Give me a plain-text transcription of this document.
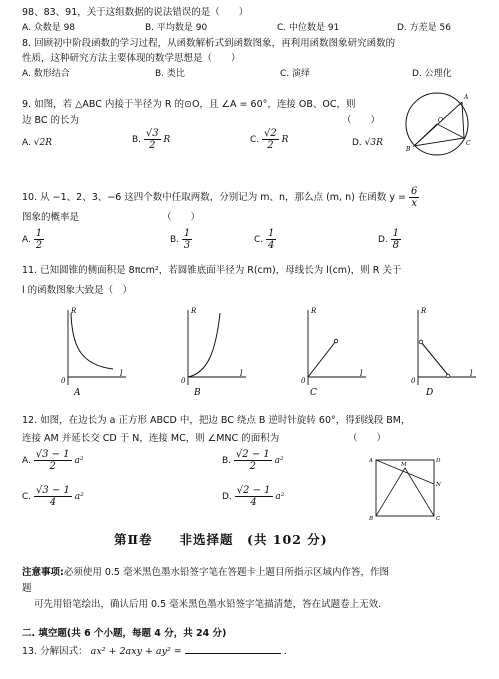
98、83、91，关于这组数据的说法错误的是（　　）
A. 众数是 98	B. 平均数是 90	C. 中位数是 91	D. 方差是 56
8. 回顾初中阶段函数的学习过程，从函数解析式到函数图象，再利用函数图象研究函数的
性质，这种研究方法主要体现的数学思想是（　　）
A. 数形结合	B. 类比	C. 演绎	D. 公理化
9. 如图，若 △ABC 内接于半径为 R 的⊙O，且 ∠A = 60°，连接 OB、OC，则
边 BC 的长为	（　　）
A. √2R	B. $\frac{√3}{2}$ R	C. $\frac{√2}{2}$ R	D. √3R
A
B
C
O
10. 从 −1、2、3、−6 这四个数中任取两数，分别记为 m、n，那么点 (m, n) 在函数 $y = \frac{6}{x}$
图象的概率是	（　　）
A. $\frac{1}{2}$	B. $\frac{1}{3}$	C. $\frac{1}{4}$	D. $\frac{1}{8}$
11. 已知圆锥的侧面积是 8πcm²，若圆锥底面半径为 R(cm)，母线长为 l(cm)，则 R 关于
l 的函数图象大致是（　）
R
l
0
A
R
l
0
B
R
l
0
C
R
l
0
D
12. 如图，在边长为 a 正方形 ABCD 中，把边 BC 绕点 B 逆时针旋转 60°，得到线段 BM，
连接 AM 并延长交 CD 于 N，连接 MC，则 ∠MNC 的面积为	（　　）
A. $\frac{√3 - 1}{2} a^2$	B. $\frac{√2 - 1}{2} a^2$
C. $\frac{√3 - 1}{4} a^2$	D. $\frac{√2 - 1}{4} a^2$
A
B	C
D
M
N
第Ⅱ卷　　非选择题　(共 102 分)
注意事项:必须使用 0.5 毫米黑色墨水铅签字笔在答题卡上题目所指示区域内作答，作图
题
可先用铅笔绘出，确认后用 0.5 毫米黑色墨水铅签字笔描清楚，答在试题卷上无效.
二. 填空题(共 6 个小题，每题 4 分，共 24 分)
13. 分解因式： ax² + 2axy + ay² =	.
